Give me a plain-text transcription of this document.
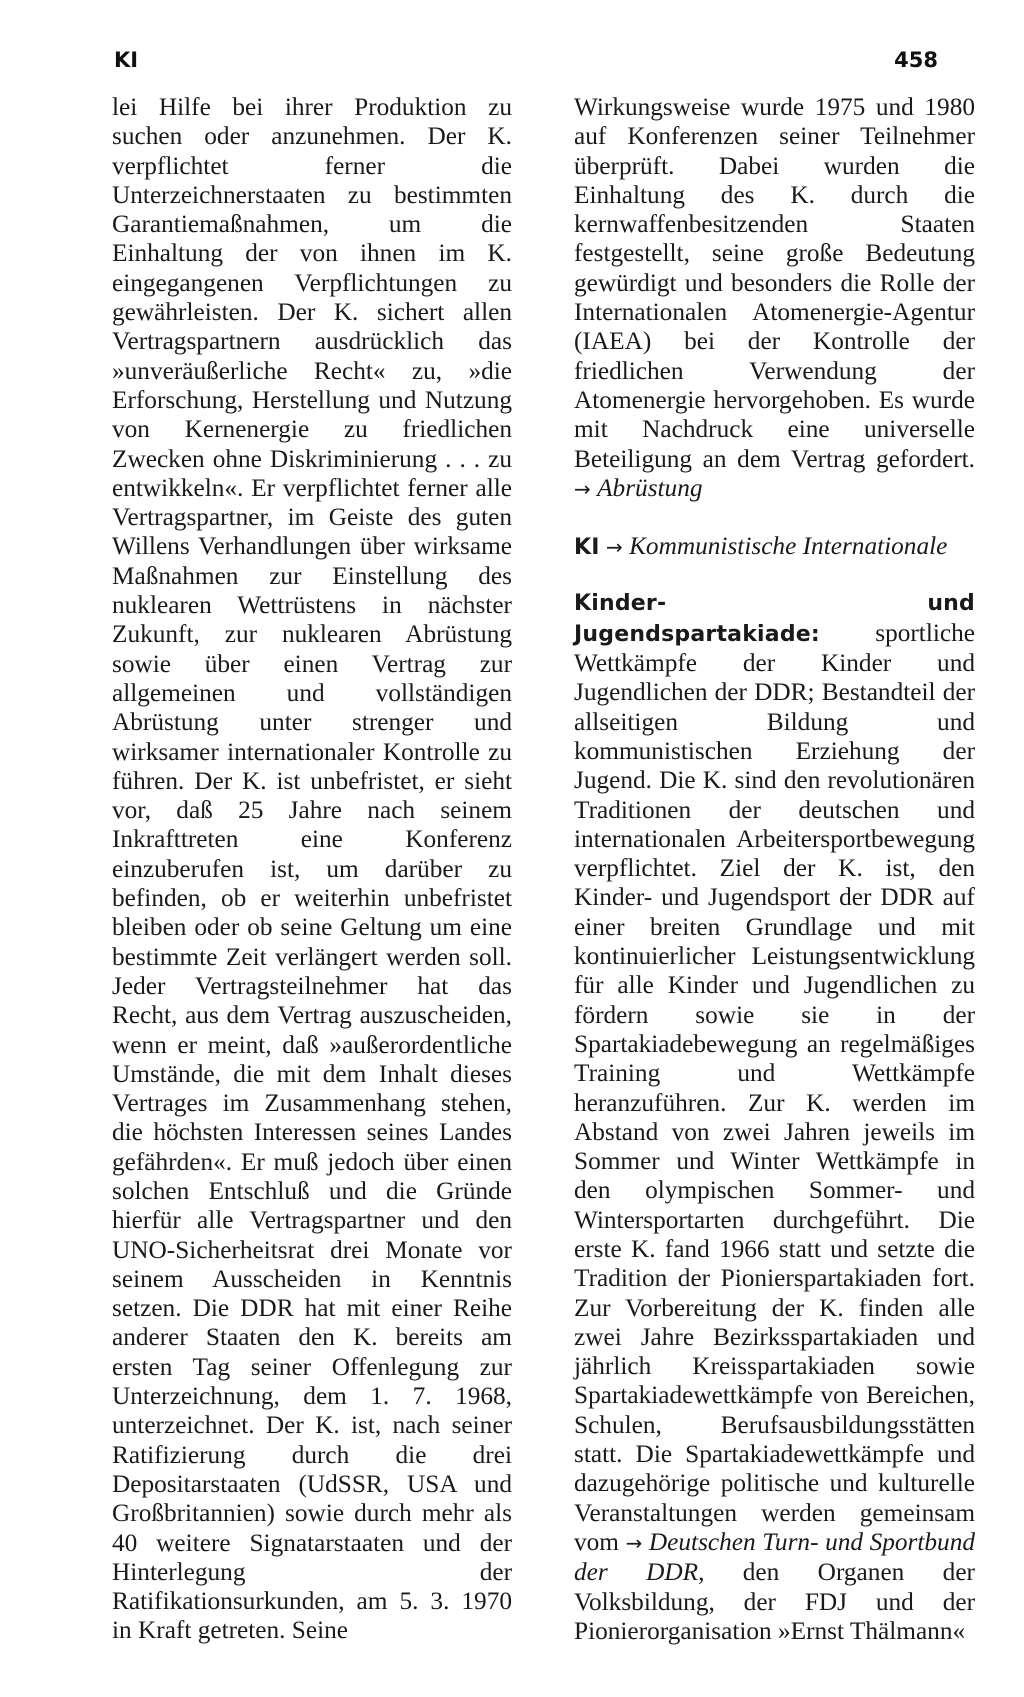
KI	458

lei Hilfe bei ihrer Produktion zu suchen oder anzunehmen. Der K. verpflichtet ferner die Unterzeichnerstaaten zu bestimmten Garantiemaßnahmen, um die Einhaltung der von ihnen im K. eingegangenen Verpflichtungen zu gewährleisten. Der K. sichert allen Vertragspartnern ausdrücklich das »unveräußerliche Recht« zu, »die Erforschung, Herstellung und Nutzung von Kernenergie zu friedlichen Zwecken ohne Diskriminierung . . . zu entwikkeln«. Er verpflichtet ferner alle Vertragspartner, im Geiste des guten Willens Verhandlungen über wirksame Maßnahmen zur Einstellung des nuklearen Wettrüstens in nächster Zukunft, zur nuklearen Abrüstung sowie über einen Vertrag zur allgemeinen und vollständigen Abrüstung unter strenger und wirksamer internationaler Kontrolle zu führen. Der K. ist unbefristet, er sieht vor, daß 25 Jahre nach seinem Inkrafttreten eine Konferenz einzuberufen ist, um darüber zu befinden, ob er weiterhin unbefristet bleiben oder ob seine Geltung um eine bestimmte Zeit verlängert werden soll. Jeder Vertragsteilnehmer hat das Recht, aus dem Vertrag auszuscheiden, wenn er meint, daß »außerordentliche Umstände, die mit dem Inhalt dieses Vertrages im Zusammenhang stehen, die höchsten Interessen seines Landes gefährden«. Er muß jedoch über einen solchen Entschluß und die Gründe hierfür alle Vertragspartner und den UNO-Sicherheitsrat drei Monate vor seinem Ausscheiden in Kenntnis setzen. Die DDR hat mit einer Reihe anderer Staaten den K. bereits am ersten Tag seiner Offenlegung zur Unterzeichnung, dem 1. 7. 1968, unterzeichnet. Der K. ist, nach seiner Ratifizierung durch die drei Depositarstaaten (UdSSR, USA und Großbritannien) sowie durch mehr als 40 weitere Signatarstaaten und der Hinterlegung der Ratifikationsurkunden, am 5. 3. 1970 in Kraft getreten. Seine

Wirkungsweise wurde 1975 und 1980 auf Konferenzen seiner Teilnehmer überprüft. Dabei wurden die Einhaltung des K. durch die kernwaffenbesitzenden Staaten festgestellt, seine große Bedeutung gewürdigt und besonders die Rolle der Internationalen Atomenergie-Agentur (IAEA) bei der Kontrolle der friedlichen Verwendung der Atomenergie hervorgehoben. Es wurde mit Nachdruck eine universelle Beteiligung an dem Vertrag gefordert. → Abrüstung

KI → Kommunistische Internationale

Kinder- und Jugendspartakiade: sportliche Wettkämpfe der Kinder und Jugendlichen der DDR; Bestandteil der allseitigen Bildung und kommunistischen Erziehung der Jugend. Die K. sind den revolutionären Traditionen der deutschen und internationalen Arbeitersportbewegung verpflichtet. Ziel der K. ist, den Kinder- und Jugendsport der DDR auf einer breiten Grundlage und mit kontinuierlicher Leistungsentwicklung für alle Kinder und Jugendlichen zu fördern sowie sie in der Spartakiadebewegung an regelmäßiges Training und Wettkämpfe heranzuführen. Zur K. werden im Abstand von zwei Jahren jeweils im Sommer und Winter Wettkämpfe in den olympischen Sommer- und Wintersportarten durchgeführt. Die erste K. fand 1966 statt und setzte die Tradition der Pionierspartakiaden fort. Zur Vorbereitung der K. finden alle zwei Jahre Bezirksspartakiaden und jährlich Kreisspartakiaden sowie Spartakiadewettkämpfe von Bereichen, Schulen, Berufsausbildungsstätten statt. Die Spartakiadewettkämpfe und dazugehörige politische und kulturelle Veranstaltungen werden gemeinsam vom → Deutschen Turn- und Sportbund der DDR, den Organen der Volksbildung, der FDJ und der Pionierorganisation »Ernst Thälmann«
